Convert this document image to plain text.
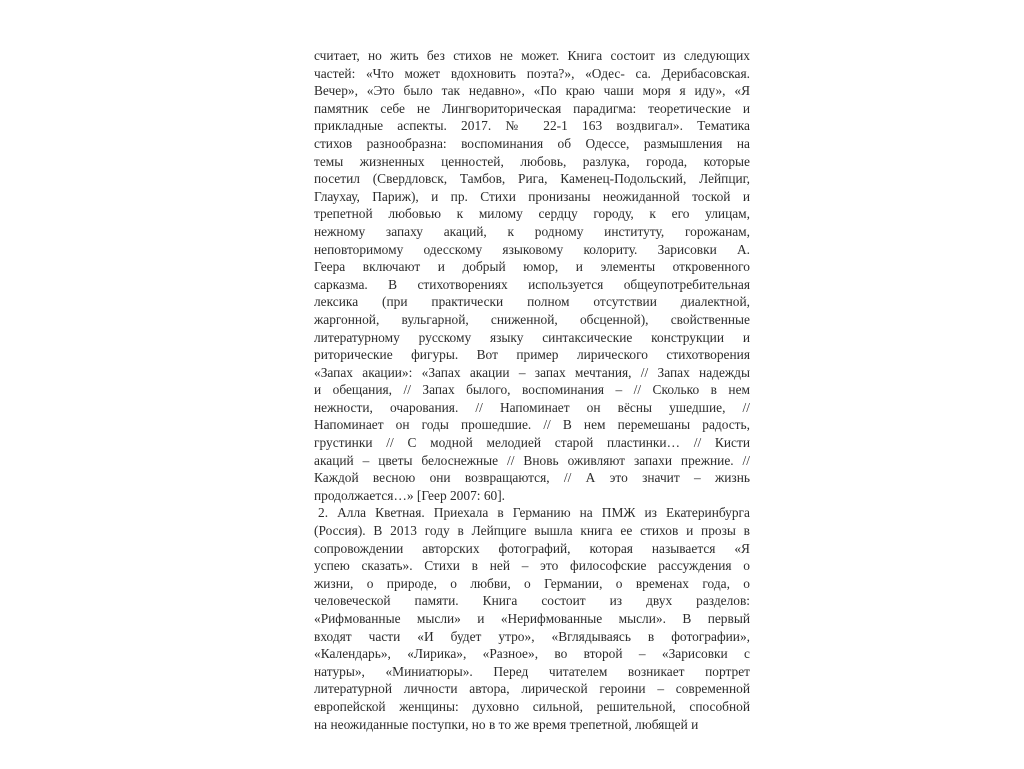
считает, но жить без стихов не может. Книга состоит из следующих
частей: «Что может вдохновить поэта?», «Одес- са. Дерибасовская.
Вечер», «Это было так недавно», «По краю чаши моря я иду», «Я
памятник себе не Лингвориторическая парадигма: теоретические и
прикладные аспекты. 2017. № 22-1 163 воздвигал». Тематика
стихов разнообразна: воспоминания об Одессе, размышления на
темы жизненных ценностей, любовь, разлука, города, которые
посетил (Свердловск, Тамбов, Рига, Каменец-Подольский, Лейпциг,
Глаухау, Париж), и пр. Стихи пронизаны неожиданной тоской и
трепетной любовью к милому сердцу городу, к его улицам,
нежному запаху акаций, к родному институту, горожанам,
неповторимому одесскому языковому колориту. Зарисовки А.
Геера включают и добрый юмор, и элементы откровенного
сарказма. В стихотворениях используется общеупотребительная
лексика (при практически полном отсутствии диалектной,
жаргонной, вульгарной, сниженной, обсценной), свойственные
литературному русскому языку синтаксические конструкции и
риторические фигуры. Вот пример лирического стихотворения
«Запах акации»: «Запах акации – запах мечтания, // Запах надежды
и обещания, // Запах былого, воспоминания – // Сколько в нем
нежности, очарования. // Напоминает он вёсны ушедшие, //
Напоминает он годы прошедшие. // В нем перемешаны радость,
грустинки // С модной мелодией старой пластинки… // Кисти
акаций – цветы белоснежные // Вновь оживляют запахи прежние. //
Каждой весною они возвращаются, // А это значит – жизнь
продолжается…» [Геер 2007: 60].
2. Алла Кветная. Приехала в Германию на ПМЖ из Екатеринбурга
(Россия). В 2013 году в Лейпциге вышла книга ее стихов и прозы в
сопровождении авторских фотографий, которая называется «Я
успею сказать». Стихи в ней – это философские рассуждения о
жизни, о природе, о любви, о Германии, о временах года, о
человеческой памяти. Книга состоит из двух разделов:
«Рифмованные мысли» и «Нерифмованные мысли». В первый
входят части «И будет утро», «Вглядываясь в фотографии»,
«Календарь», «Лирика», «Разное», во второй – «Зарисовки с
натуры», «Миниатюры». Перед читателем возникает портрет
литературной личности автора, лирической героини – современной
европейской женщины: духовно сильной, решительной, способной
на неожиданные поступки, но в то же время трепетной, любящей и
